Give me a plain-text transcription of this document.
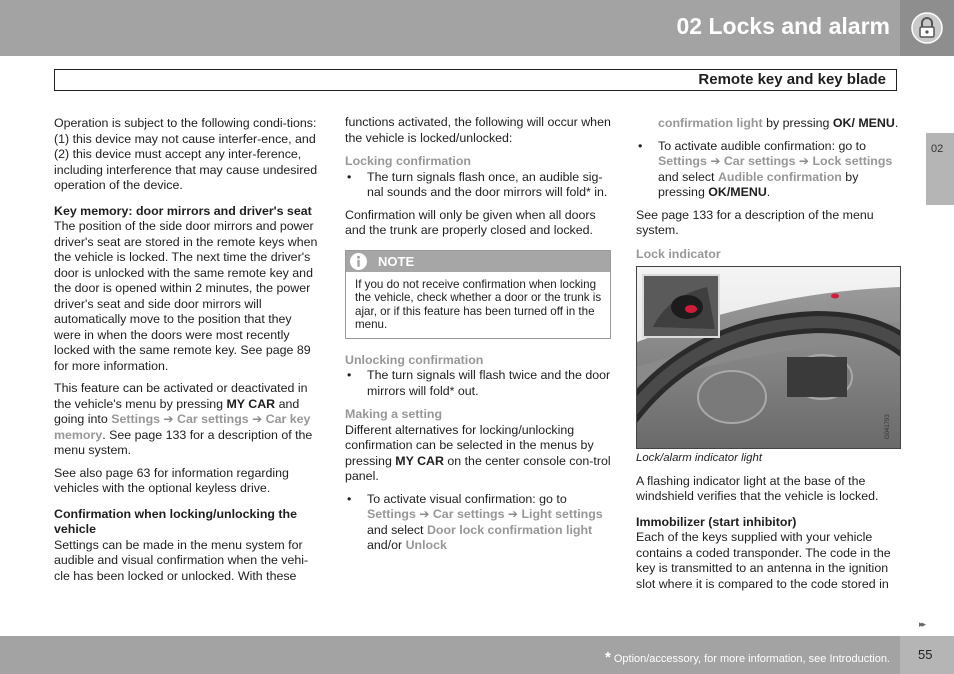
02 Locks and alarm
Remote key and key blade
02

Operation is subject to the following condi-tions: (1) this device may not cause interfer-ence, and (2) this device must accept any inter-ference, including interference that may cause undesired operation of the device.

Key memory: door mirrors and driver's seat

The position of the side door mirrors and power driver's seat are stored in the remote keys when the vehicle is locked. The next time the driver's door is unlocked with the same remote key and the door is opened within 2 minutes, the power driver's seat and side door mirrors will automatically move to the position that they were in when the doors were most recently locked with the same remote key. See page 89 for more information.

This feature can be activated or deactivated in the vehicle's menu by pressing MY CAR and going into Settings ➔ Car settings ➔ Car key memory. See page 133 for a description of the menu system.

See also page 63 for information regarding vehicles with the optional keyless drive.

Confirmation when locking/unlocking the vehicle

Settings can be made in the menu system for audible and visual confirmation when the vehi-cle has been locked or unlocked. With these

functions activated, the following will occur when the vehicle is locked/unlocked:

Locking confirmation

• The turn signals flash once, an audible sig-nal sounds and the door mirrors will fold* in.

Confirmation will only be given when all doors and the trunk are properly closed and locked.

NOTE
If you do not receive confirmation when locking the vehicle, check whether a door or the trunk is ajar, or if this feature has been turned off in the menu.

Unlocking confirmation

• The turn signals will flash twice and the door mirrors will fold* out.

Making a setting

Different alternatives for locking/unlocking confirmation can be selected in the menus by pressing MY CAR on the center console con-trol panel.

• To activate visual confirmation: go to Settings ➔ Car settings ➔ Light settings and select Door lock confirmation light and/or Unlock

confirmation light by pressing OK/ MENU.

• To activate audible confirmation: go to Settings ➔ Car settings ➔ Lock settings and select Audible confirmation by pressing OK/MENU.

See page 133 for a description of the menu system.

Lock indicator

G041793

Lock/alarm indicator light

A flashing indicator light at the base of the windshield verifies that the vehicle is locked.

Immobilizer (start inhibitor)

Each of the keys supplied with your vehicle contains a coded transponder. The code in the key is transmitted to an antenna in the ignition slot where it is compared to the code stored in

▸▸
* Option/accessory, for more information, see Introduction. 55
